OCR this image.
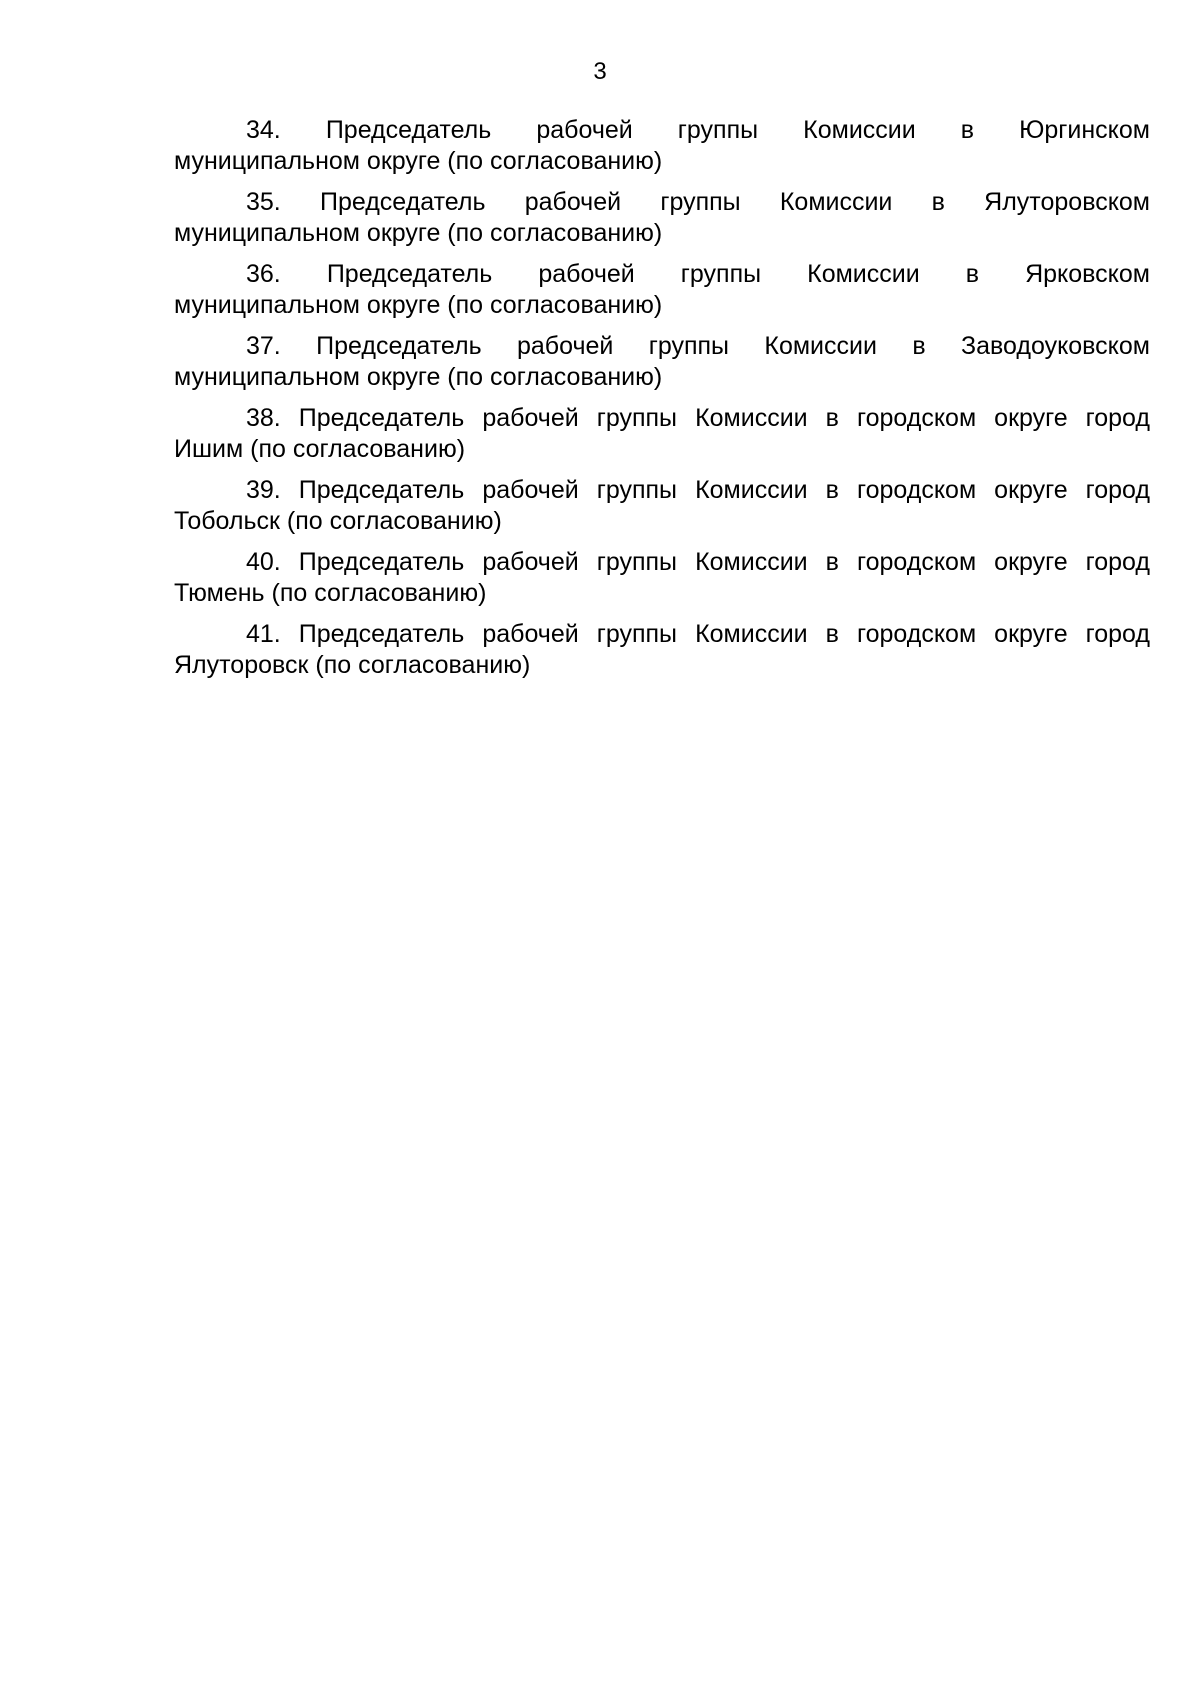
3
34. Председатель рабочей группы Комиссии в Юргинском
муниципальном округе (по согласованию)
35. Председатель рабочей группы Комиссии в Ялуторовском
муниципальном округе (по согласованию)
36. Председатель рабочей группы Комиссии в Ярковском
муниципальном округе (по согласованию)
37. Председатель рабочей группы Комиссии в Заводоуковском
муниципальном округе (по согласованию)
38. Председатель рабочей группы Комиссии в городском округе город
Ишим (по согласованию)
39. Председатель рабочей группы Комиссии в городском округе город
Тобольск (по согласованию)
40. Председатель рабочей группы Комиссии в городском округе город
Тюмень (по согласованию)
41. Председатель рабочей группы Комиссии в городском округе город
Ялуторовск (по согласованию)
